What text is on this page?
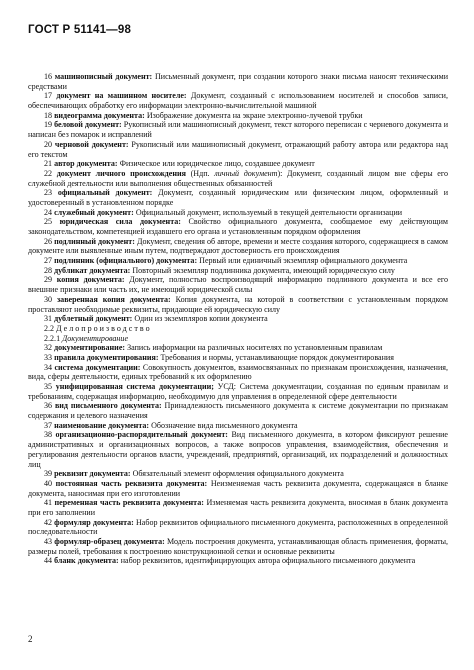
ГОСТ Р 51141—98

16 машинописный документ: Письменный документ, при создании которого знаки письма наносят техническими средствами

17 документ на машинном носителе: Документ, созданный с использованием носителей и способов записи, обеспечивающих обработку его информации электронно-вычислительной машиной

18 видеограмма документа: Изображение документа на экране электронно-лучевой трубки

19 беловой документ: Рукописный или машинописный документ, текст которого переписан с черневого документа и написан без помарок и исправлений

20 черновой документ: Рукописный или машинописный документ, отражающий работу автора или редактора над его текстом

21 автор документа: Физическое или юридическое лицо, создавшее документ

22 документ личного происхождения (Ндп. личный документ): Документ, созданный лицом вне сферы его служебной деятельности или выполнения общественных обязанностей

23 официальный документ: Документ, созданный юридическим или физическим лицом, оформленный и удостоверенный в установленном порядке

24 служебный документ: Официальный документ, используемый в текущей деятельности организации

25 юридическая сила документа: Свойство официального документа, сообщаемое ему действующим законодательством, компетенцией издавшего его органа и установленным порядком оформления

26 подлинный документ: Документ, сведения об авторе, времени и месте создания которого, содержащиеся в самом документе или выявленные иным путем, подтверждают достоверность его происхождения

27 подлинник (официального) документа: Первый или единичный экземпляр официального документа

28 дубликат документа: Повторный экземпляр подлинника документа, имеющий юридическую силу

29 копия документа: Документ, полностью воспроизводящий информацию подлинного документа и все его внешние признаки или часть их, не имеющий юридической силы

30 заверенная копия документа: Копия документа, на которой в соответствии с установленным порядком проставляют необходимые реквизиты, придающие ей юридическую силу

31 дублетный документ: Один из экземпляров копии документа

2.2 Делопроизводство

2.2.1 Документирование

32 документирование: Запись информации на различных носителях по установленным правилам

33 правила документирования: Требования и нормы, устанавливающие порядок документирования

34 система документации: Совокупность документов, взаимосвязанных по признакам происхождения, назначения, вида, сферы деятельности, единых требований к их оформлению

35 унифицированная система документации; УСД: Система документации, созданная по единым правилам и требованиям, содержащая информацию, необходимую для управления в определенной сфере деятельности

36 вид письменного документа: Принадлежность письменного документа к системе документации по признакам содержания и целевого назначения

37 наименование документа: Обозначение вида письменного документа

38 организационно-распорядительный документ: Вид письменного документа, в котором фиксируют решение административных и организационных вопросов, а также вопросов управления, взаимодействия, обеспечения и регулирования деятельности органов власти, учреждений, предприятий, организаций, их подразделений и должностных лиц

39 реквизит документа: Обязательный элемент оформления официального документа

40 постоянная часть реквизита документа: Неизменяемая часть реквизита документа, содержащаяся в бланке документа, наносимая при его изготовлении

41 переменная часть реквизита документа: Изменяемая часть реквизита документа, вносимая в бланк документа при его заполнении

42 формуляр документа: Набор реквизитов официального письменного документа, расположенных в определенной последовательности

43 формуляр-образец документа: Модель построения документа, устанавливающая область применения, форматы, размеры полей, требования к построению конструкционной сетки и основные реквизиты

44 бланк документа: набор реквизитов, идентифицирующих автора официального письменного документа

2
